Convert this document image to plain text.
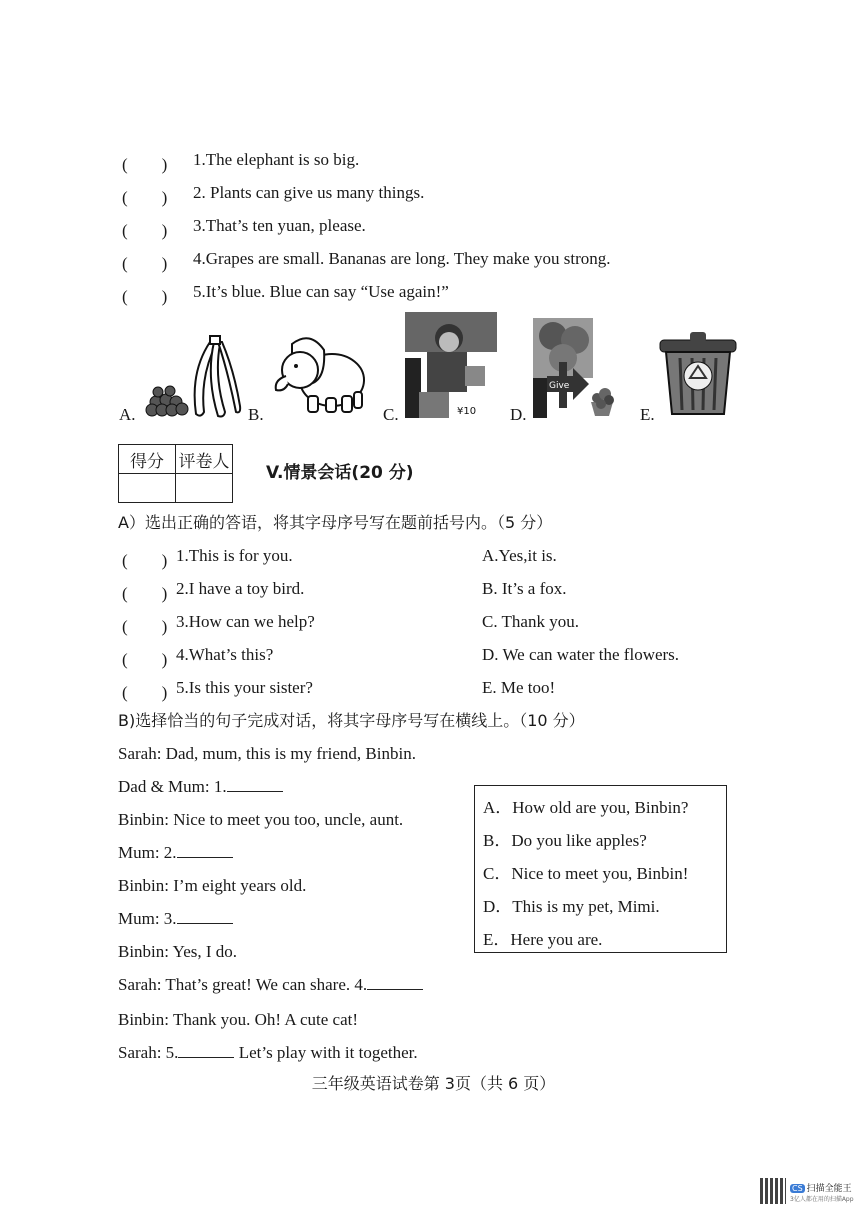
(　　) 1.The elephant is so big.
(　　) 2. Plants can give us many things.
(　　) 3.That’s ten yuan, please.
(　　) 4.Grapes are small. Bananas are long. They make you strong.
(　　) 5.It’s blue. Blue can say “Use again!”
A.	B.	C.	¥10 D.
Give
E.
得分	评卷人

V.情景会话(20 分)
A）选出正确的答语，将其字母序号写在题前括号内。（5 分）
(　　) 1.This is for you.	A.Yes,it is.
(　　) 2.I have a toy bird.	B. It’s a fox.
(　　) 3.How can we help?	C. Thank you.
(　　) 4.What’s this?	D. We can water the flowers.
(　　) 5.Is this your sister?	E. Me too!
B)选择恰当的句子完成对话，将其字母序号写在横线上。（10 分）
Sarah: Dad, mum, this is my friend, Binbin.
Dad & Mum: 1.
Binbin: Nice to meet you too, uncle, aunt.
Mum: 2.
Binbin: I’m eight years old.
Mum: 3.
Binbin: Yes, I do.
Sarah: That’s great! We can share. 4.
Binbin: Thank you. Oh! A cute cat!
Sarah: 5.	Let’s play with it together.
A．How old are you, Binbin?
B．Do you like apples?
C．Nice to meet you, Binbin!
D．This is my pet, Mimi.
E．Here you are.
三年级英语试卷第 3页（共 6 页）
CS 扫描全能王
3亿人都在用的扫描App
